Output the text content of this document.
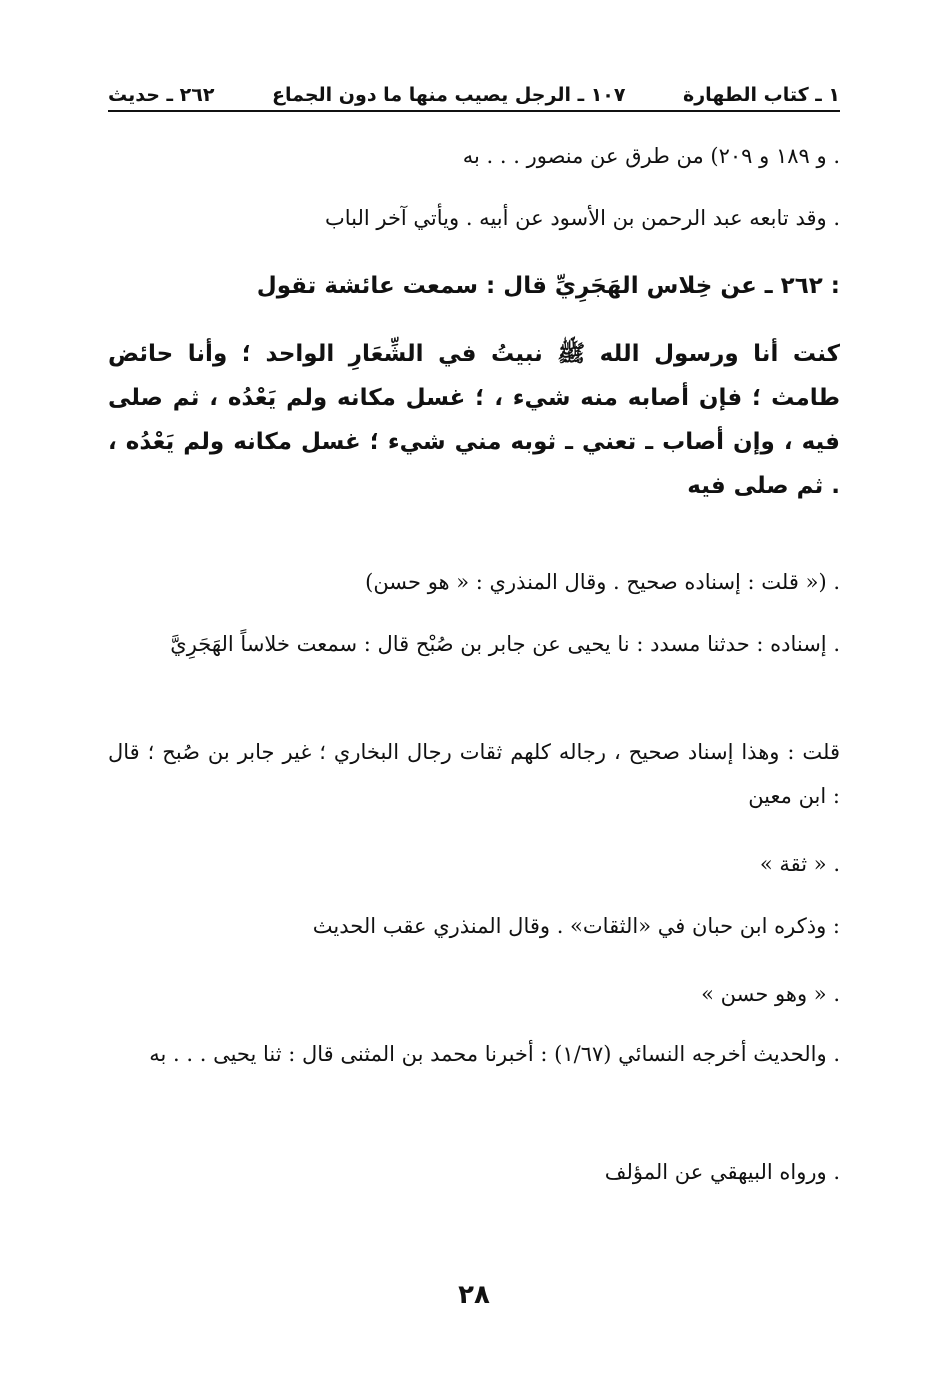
١ ـ كتاب الطهارة
١٠٧ ـ الرجل يصيب منها ما دون الجماع
٢٦٢ ـ حديث
و ١٨٩ و ٢٠٩) من طرق عن منصور . . . به .
وقد تابعه عبد الرحمن بن الأسود عن أبيه . ويأتي آخر الباب .
٢٦٢ ـ عن خِلاس الهَجَرِيِّ قال : سمعت عائشة تقول :
كنت أنا ورسول الله ﷺ نبيتُ في الشِّعَارِ الواحد ؛ وأنا حائض طامث ؛ فإن أصابه منه شيء ، ؛ غسل مكانه ولم يَعْدُه ، ثم صلى فيه ، وإن أصاب ـ تعني ـ ثوبه مني شيء ؛ غسل مكانه ولم يَعْدُه ، ثم صلى فيه .
(قلت : إسناده صحيح . وقال المنذري : « هو حسن ») .
إسناده : حدثنا مسدد : نا يحيى عن جابر بن صُبْح قال : سمعت خلاساً الهَجَرِيَّ .
قلت : وهذا إسناد صحيح ، رجاله كلهم ثقات رجال البخاري ؛ غير جابر بن صُبح ؛ قال ابن معين :
« ثقة » .
وذكره ابن حبان في «الثقات» . وقال المنذري عقب الحديث :
« وهو حسن » .
والحديث أخرجه النسائي (١/٦٧) : أخبرنا محمد بن المثنى قال : ثنا يحيى . . . به .
ورواه البيهقي عن المؤلف .
٢٨
